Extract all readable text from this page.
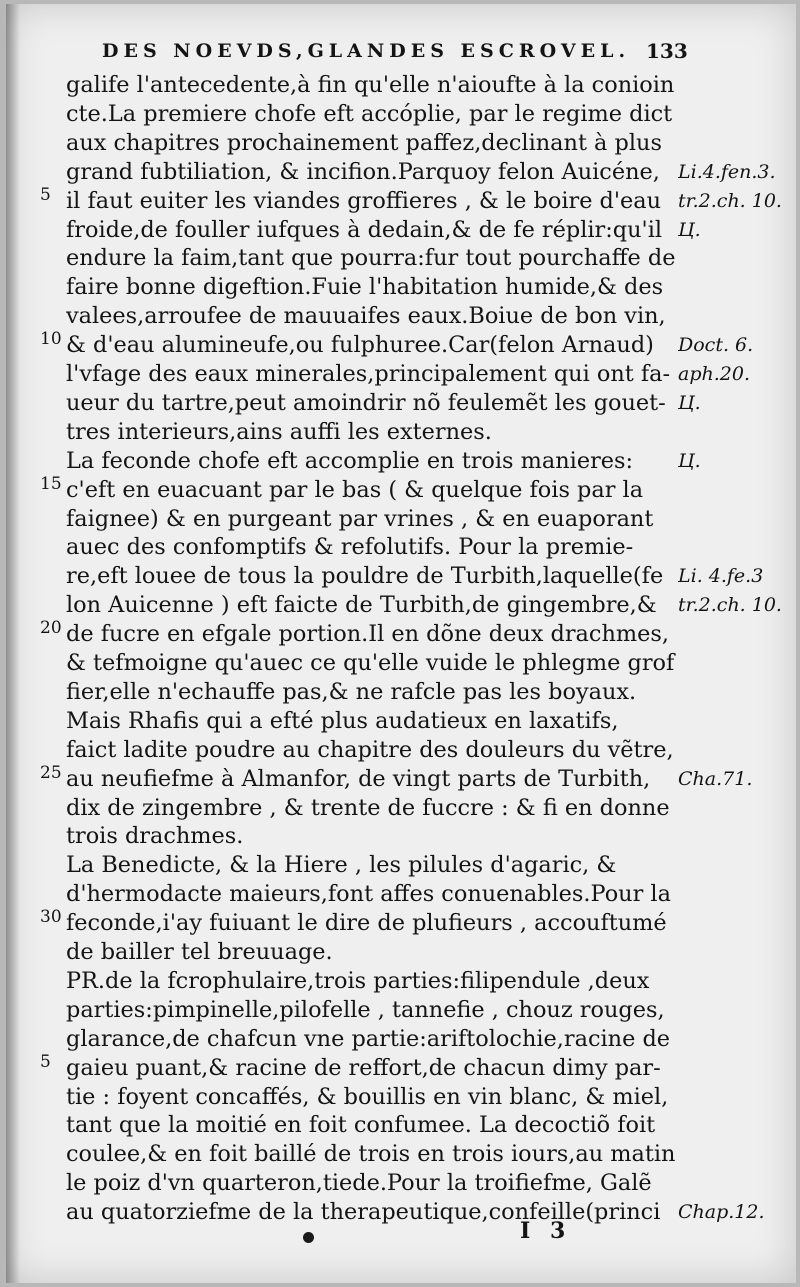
DES NOEVDS,GLANDES ESCROVEL. 133
galife l'antecedente,à fin qu'elle n'aioufte à la conioin
cte.La premiere chofe eft accóplie, par le regime dict
aux chapitres prochainement paffez,declinant à plus
grand fubtiliation, & incifion.Parquoy felon Auicéne,
il faut euiter les viandes groffieres , & le boire d'eau
froide,de fouller iufques à dedain,& de fe réplir:qu'il
endure la faim,tant que pourra:fur tout pourchaffe de
faire bonne digeftion.Fuie l'habitation humide,& des
valees,arroufee de mauuaifes eaux.Boiue de bon vin,
& d'eau alumineufe,ou fulphuree.Car(felon Arnaud)
l'vfage des eaux minerales,principalement qui ont fa-
ueur du tartre,peut amoindrir nõ feulemẽt les gouet-
tres interieurs,ains auffi les externes.
La feconde chofe eft accomplie en trois manieres:
c'eft en euacuant par le bas ( & quelque fois par la
faignee) & en purgeant par vrines , & en euaporant
auec des confomptifs & refolutifs. Pour la premie-
re,eft louee de tous la pouldre de Turbith,laquelle(fe
lon Auicenne ) eft faicte de Turbith,de gingembre,&
de fucre en efgale portion.Il en dõne deux drachmes,
& tefmoigne qu'auec ce qu'elle vuide le phlegme grof
fier,elle n'echauffe pas,& ne rafcle pas les boyaux.
Mais Rhafis qui a efté plus audatieux en laxatifs,
faict ladite poudre au chapitre des douleurs du vẽtre,
au neufiefme à Almanfor, de vingt parts de Turbith,
dix de zingembre , & trente de fuccre : & fi en donne
trois drachmes.
La Benedicte, & la Hiere , les pilules d'agaric, &
d'hermodacte maieurs,font affes conuenables.Pour la
feconde,i'ay fuiuant le dire de plufieurs , accouftumé
de bailler tel breuuage.
PR.de la fcrophulaire,trois parties:filipendule ,deux
parties:pimpinelle,pilofelle , tannefie , chouz rouges,
glarance,de chafcun vne partie:ariftolochie,racine de
gaieu puant,& racine de reffort,de chacun dimy par-
tie : foyent concaffés, & bouillis en vin blanc, & miel,
tant que la moitié en foit confumee. La decoctiõ foit
coulee,& en foit baillé de trois en trois iours,au matin
le poiz d'vn quarteron,tiede.Pour la troifiefme, Galẽ
au quatorziefme de la therapeutique,confeille(princi
5
10
15
20
25
30
5
Li.4.fen.3.
tr.2.ch. 10.
Ц.
Doct. 6.
aph.20.
Ц.
Ц.
Li. 4.fe.3
tr.2.ch. 10.
Cha.71.
Chap.12.
I 3
